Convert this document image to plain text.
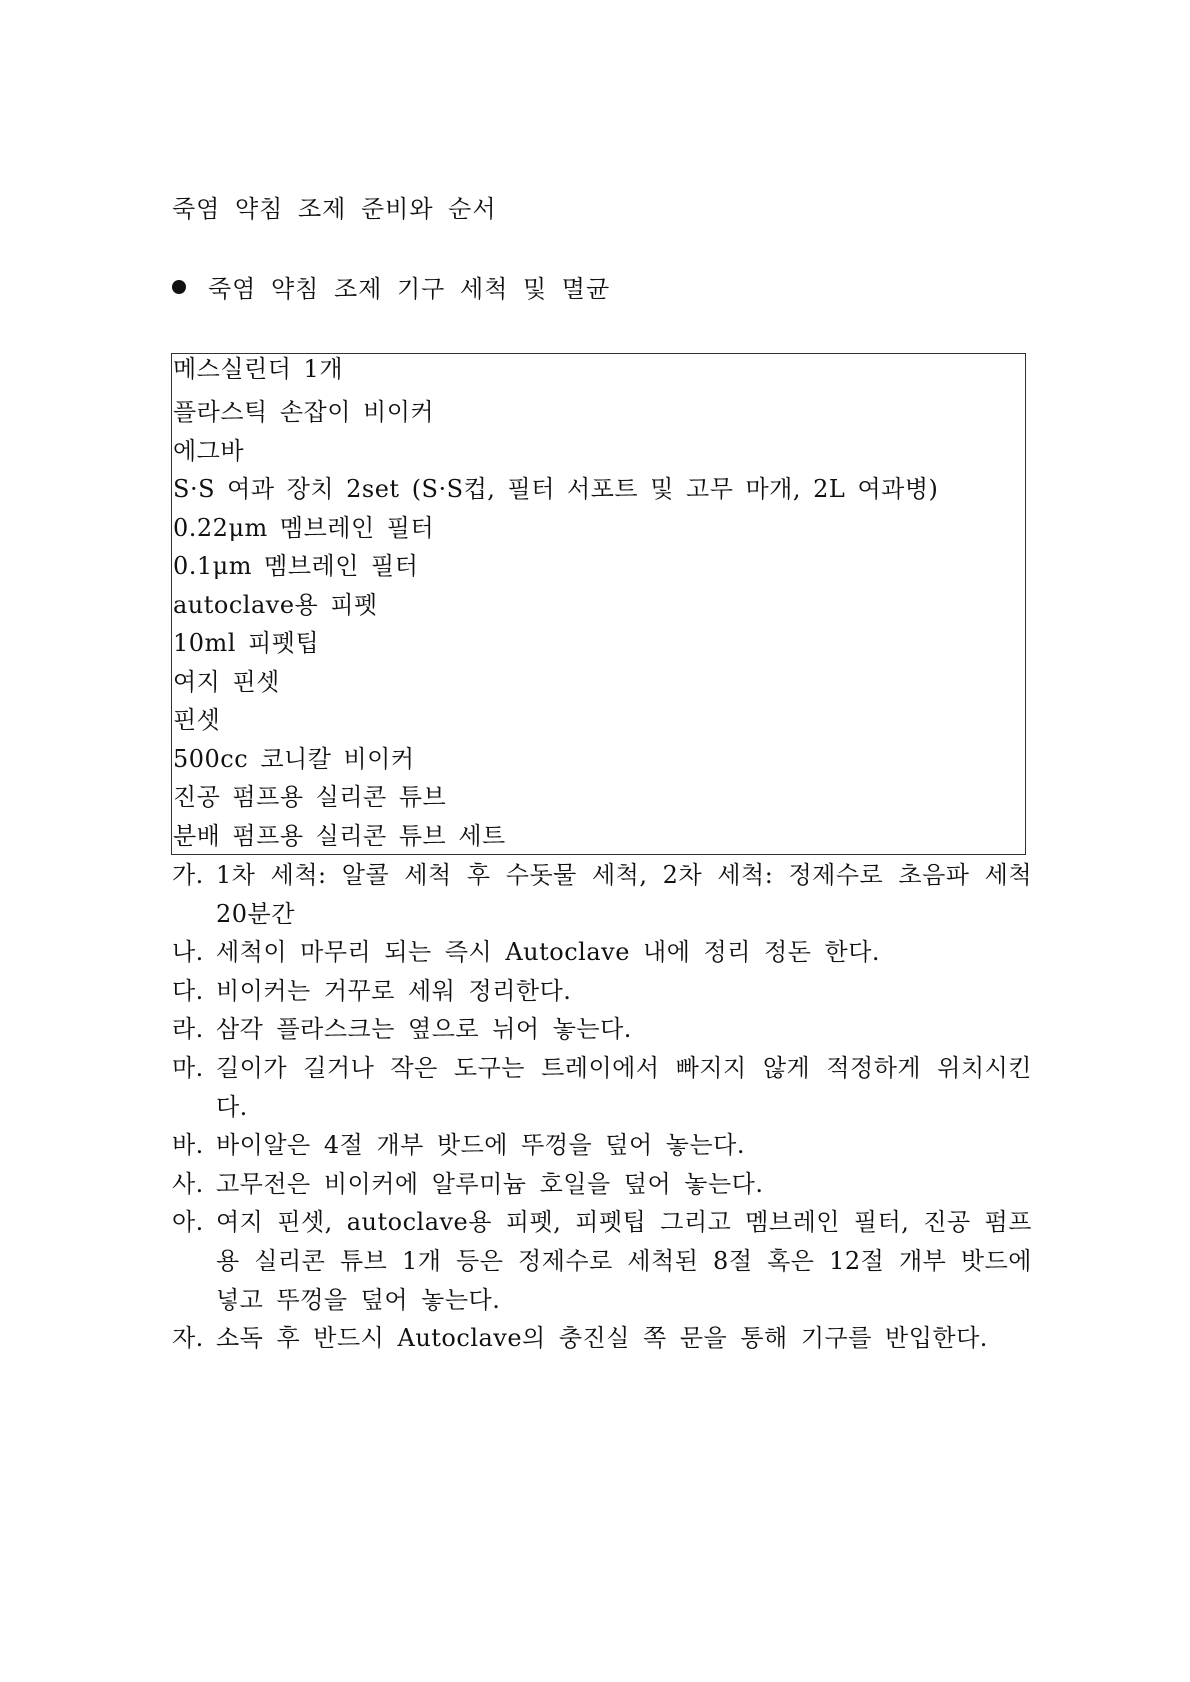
죽염 약침 조제 준비와 순서
죽염 약침 조제 기구 세척 및 멸균
메스실린더 1개
플라스틱 손잡이 비이커
에그바
S·S 여과 장치 2set (S·S컵, 필터 서포트 및 고무 마개, 2L 여과병)
0.22μm 멤브레인 필터
0.1μm 멤브레인 필터
autoclave용 피펫
10ml 피펫팁
여지 핀셋
핀셋
500cc 코니칼 비이커
진공 펌프용 실리콘 튜브
분배 펌프용 실리콘 튜브 세트
가. 1차 세척: 알콜 세척 후 수돗물 세척, 2차 세척: 정제수로 초음파 세척 20분간
나. 세척이 마무리 되는 즉시 Autoclave 내에 정리 정돈 한다.
다. 비이커는 거꾸로 세워 정리한다.
라. 삼각 플라스크는 옆으로 뉘어 놓는다.
마. 길이가 길거나 작은 도구는 트레이에서 빠지지 않게 적정하게 위치시킨다.
바. 바이알은 4절 개부 밧드에 뚜껑을 덮어 놓는다.
사. 고무전은 비이커에 알루미늄 호일을 덮어 놓는다.
아. 여지 핀셋, autoclave용 피펫, 피펫팁 그리고 멤브레인 필터, 진공 펌프용 실리콘 튜브 1개 등은 정제수로 세척된 8절 혹은 12절 개부 밧드에 넣고 뚜껑을 덮어 놓는다.
자. 소독 후 반드시 Autoclave의 충진실 쪽 문을 통해 기구를 반입한다.
